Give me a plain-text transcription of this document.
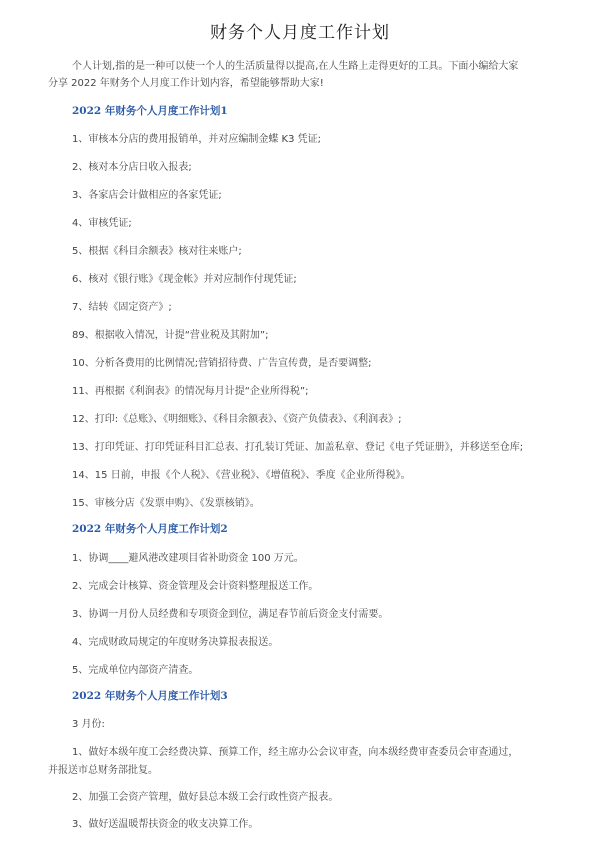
财务个人月度工作计划
个人计划,指的是一种可以使一个人的生活质量得以提高,在人生路上走得更好的工具。下面小编给大家
分享 2022 年财务个人月度工作计划内容，希望能够帮助大家!
2022 年财务个人月度工作计划1
1、审核本分店的费用报销单，并对应编制金蝶 K3 凭证;
2、核对本分店日收入报表;
3、各家店会计做相应的各家凭证;
4、审核凭证;
5、根据《科目余额表》核对往来账户;
6、核对《银行账》《现金帐》并对应制作付现凭证;
7、结转《固定资产》;
89、根据收入情况，计提“营业税及其附加”;
10、分析各费用的比例情况;营销招待费、广告宣传费，是否要调整;
11、再根据《利润表》的情况每月计提“企业所得税”;
12、打印:《总账》、《明细账》、《科目余额表》、《资产负债表》、《利润表》;
13、打印凭证、打印凭证科目汇总表、打孔装订凭证、加盖私章、登记《电子凭证册》，并移送至仓库;
14、15 日前，申报《个人税》、《营业税》、《增值税》、季度《企业所得税》。
15、审核分店《发票申购》、《发票核销》。
2022 年财务个人月度工作计划2
1、协调____避风港改建项目省补助资金 100 万元。
2、完成会计核算、资金管理及会计资料整理报送工作。
3、协调一月份人员经费和专项资金到位，满足春节前后资金支付需要。
4、完成财政局规定的年度财务决算报表报送。
5、完成单位内部资产清查。
2022 年财务个人月度工作计划3
3 月份:
1、做好本级年度工会经费决算、预算工作，经主席办公会议审查，向本级经费审查委员会审查通过，
并报送市总财务部批复。
2、加强工会资产管理，做好县总本级工会行政性资产报表。
3、做好送温暖帮扶资金的收支决算工作。
